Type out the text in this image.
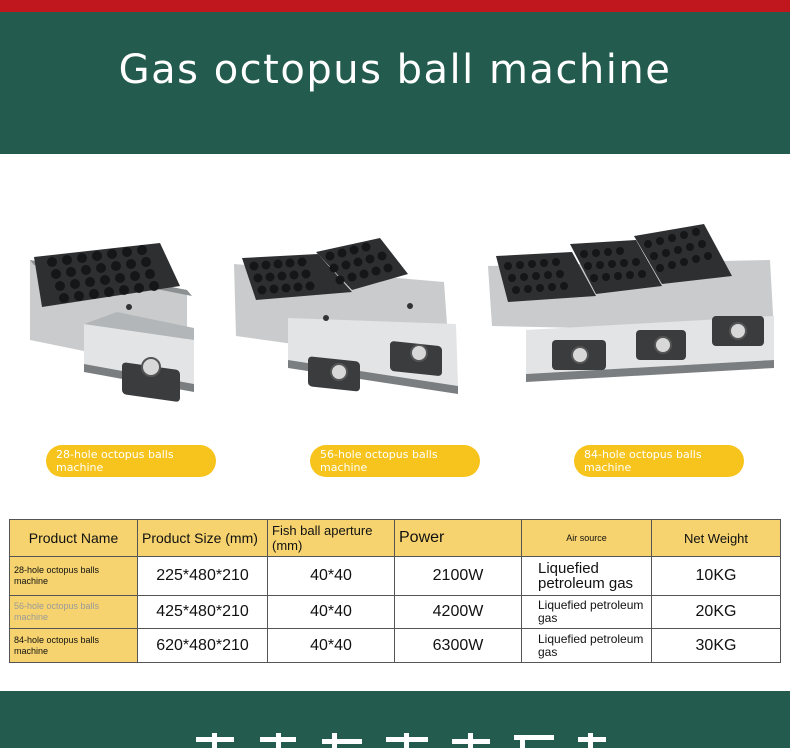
Gas octopus ball machine
28-hole octopus balls machine
56-hole octopus balls machine
84-hole octopus balls machine
Product Name	Product Size (mm)	Fish ball aperture (mm)	Power	Air source	Net Weight
28-hole octopus balls machine	225*480*210	40*40	2100W	Liquefied petroleum gas	10KG
56-hole octopus balls machine	425*480*210	40*40	4200W	Liquefied petroleum gas	20KG
84-hole octopus balls machine	620*480*210	40*40	6300W	Liquefied petroleum gas	30KG
